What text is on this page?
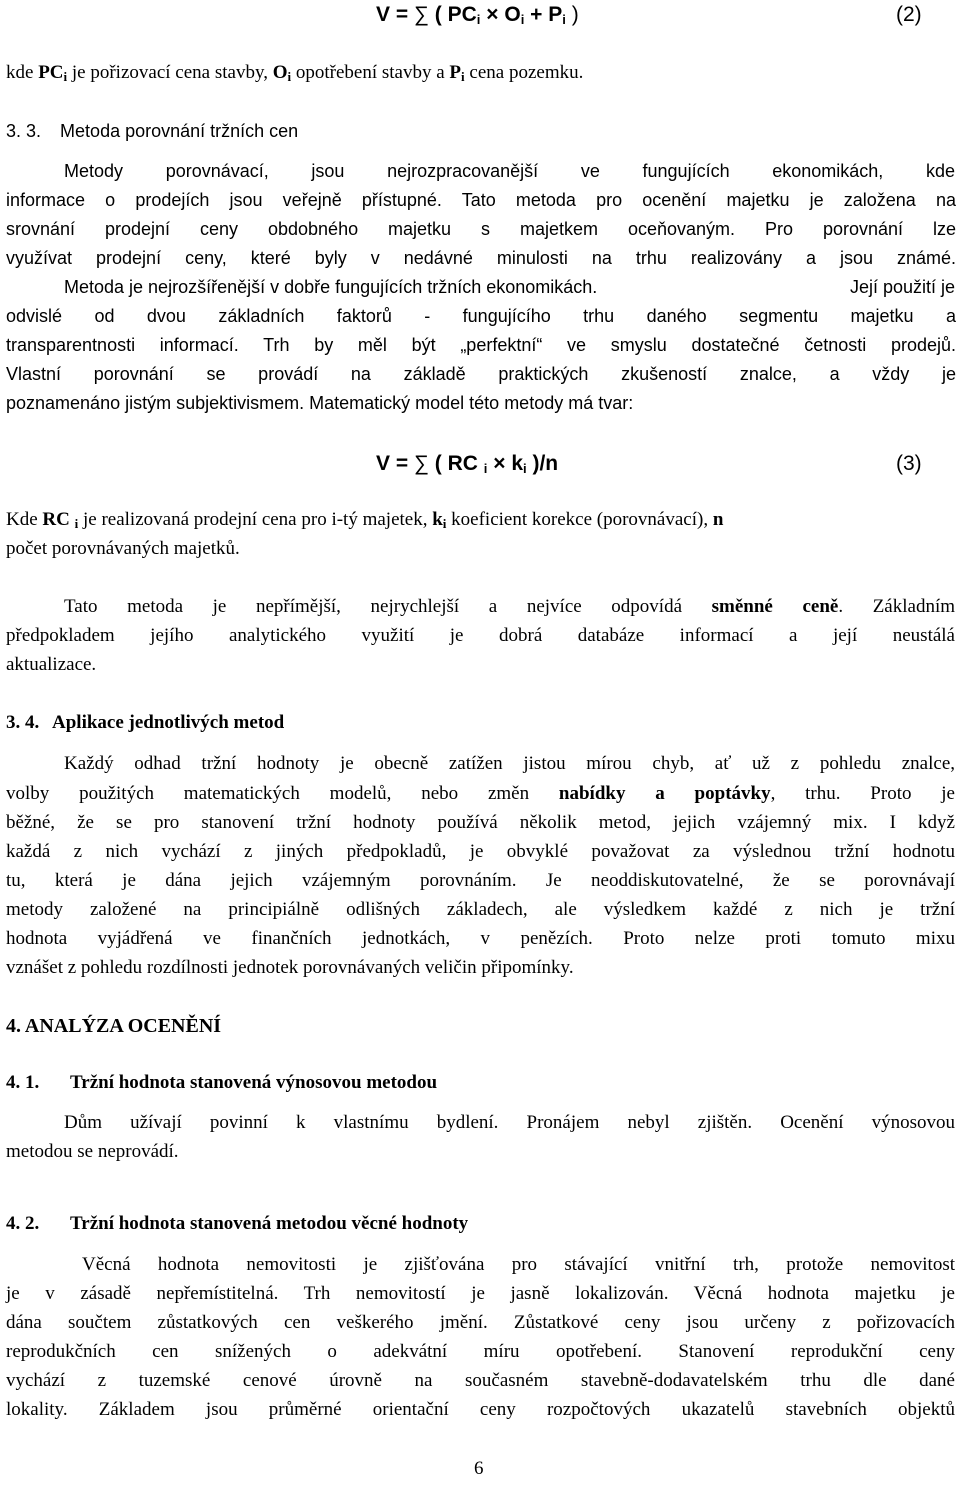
V = ∑ ( $PC_i \times O_i + P_i$ )	(2)
kde $PC_i$ je pořizovací cena stavby, $O_i$ opotřebení stavby a $P_i$ cena pozemku.
3. 3. Metoda porovnání tržních cen
Metody porovnávací, jsou nejrozpracovanější ve fungujících ekonomikách, kde
informace o prodejích jsou veřejně přístupné. Tato metoda pro ocenění majetku je založena na
srovnání prodejní ceny obdobného majetku s majetkem oceňovaným. Pro porovnání lze
využívat prodejní ceny, které byly v nedávné minulosti na trhu realizovány a jsou známé.
Metoda je nejrozšířenější v dobře fungujících tržních ekonomikách.	Její použití je
odvislé od dvou základních faktorů - fungujícího trhu daného segmentu majetku a
transparentnosti informací. Trh by měl být „perfektní“ ve smyslu dostatečné četnosti prodejů.
Vlastní porovnání se provádí na základě praktických zkušeností znalce, a vždy je
poznamenáno jistým subjektivismem. Matematický model této metody má tvar:
V = ∑ ( RC $_i \times k_i$ )/n	(3)
Kde RC $_i$ je realizovaná prodejní cena pro i-tý majetek, $k_i$ koeficient korekce (porovnávací), n
počet porovnávaných majetků.
Tato metoda je nepřímější, nejrychlejší a nejvíce odpovídá směnné ceně. Základním
předpokladem jejího analytického využití je dobrá databáze informací a její neustálá
aktualizace.
3. 4. Aplikace jednotlivých metod
Každý odhad tržní hodnoty je obecně zatížen jistou mírou chyb, ať už z pohledu znalce,
volby použitých matematických modelů, nebo změn nabídky a poptávky, trhu. Proto je
běžné, že se pro stanovení tržní hodnoty používá několik metod, jejich vzájemný mix. I když
každá z nich vychází z jiných předpokladů, je obvyklé považovat za výslednou tržní hodnotu
tu, která je dána jejich vzájemným porovnáním. Je neoddiskutovatelné, že se porovnávají
metody založené na principiálně odlišných základech, ale výsledkem každé z nich je tržní
hodnota vyjádřená ve finančních jednotkách, v penězích. Proto nelze proti tomuto mixu
vznášet z pohledu rozdílnosti jednotek porovnávaných veličin připomínky.
4. ANALÝZA OCENĚNÍ
4. 1. Tržní hodnota stanovená výnosovou metodou
Dům užívají povinní k vlastnímu bydlení. Pronájem nebyl zjištěn. Ocenění výnosovou
metodou se neprovádí.
4. 2. Tržní hodnota stanovená metodou věcné hodnoty
Věcná hodnota nemovitosti je zjišťována pro stávající vnitřní trh, protože nemovitost
je v zásadě nepřemístitelná. Trh nemovitostí je jasně lokalizován. Věcná hodnota majetku je
dána součtem zůstatkových cen veškerého jmění. Zůstatkové ceny jsou určeny z pořizovacích
reprodukčních cen snížených o adekvátní míru opotřebení. Stanovení reprodukční ceny
vychází z tuzemské cenové úrovně na současném stavebně-dodavatelském trhu dle dané
lokality. Základem jsou průměrné orientační ceny rozpočtových ukazatelů stavebních objektů
6
